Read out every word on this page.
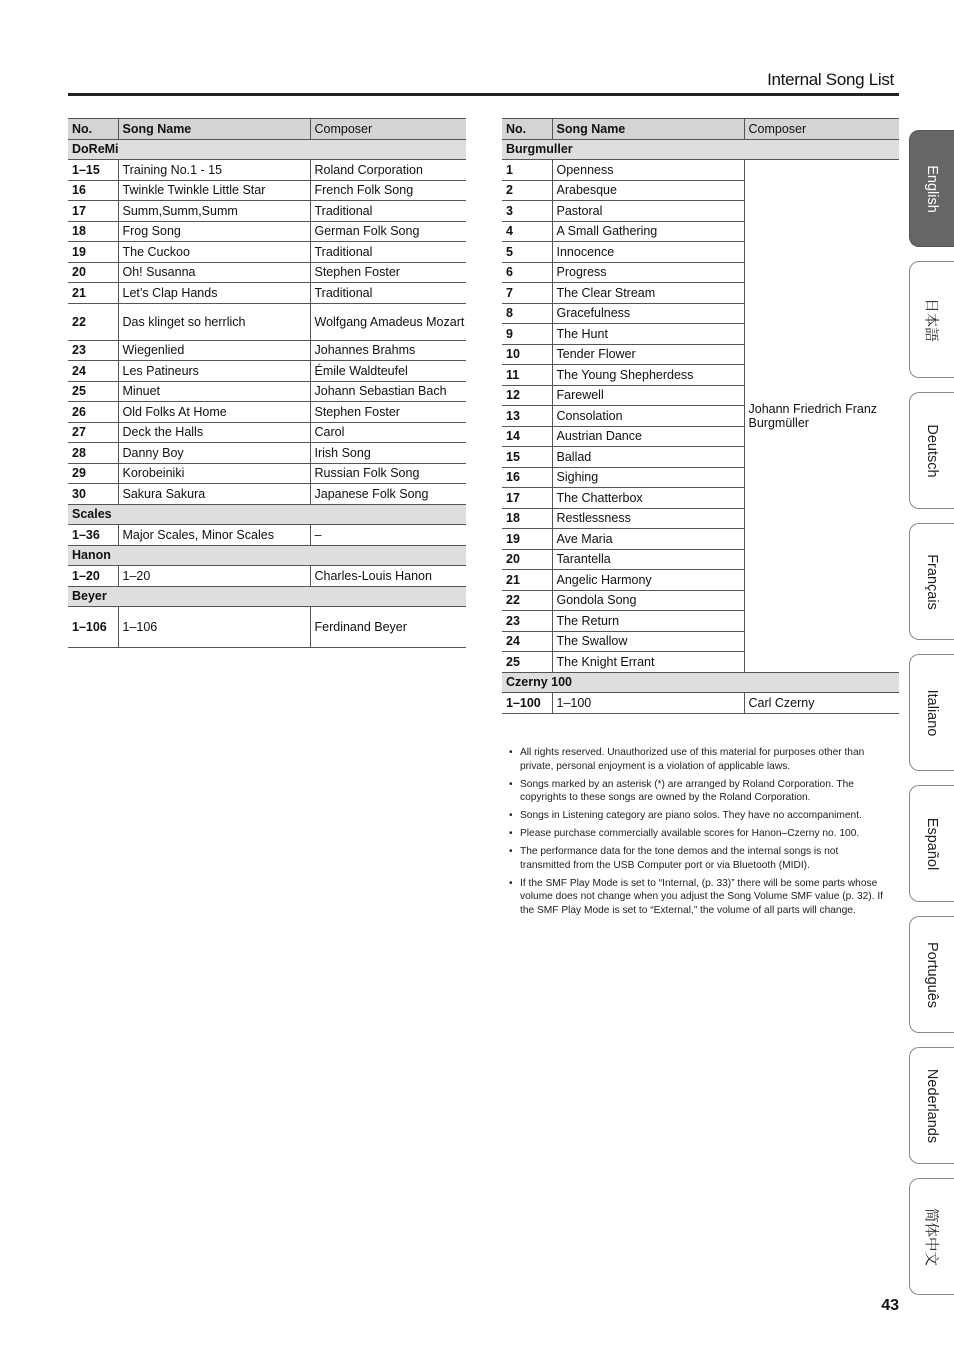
Internal Song List
No.	Song Name	Composer
DoReMi		
1–15	Training No.1 - 15	Roland Corporation
16	Twinkle Twinkle Little Star	French Folk Song
17	Summ,Summ,Summ	Traditional
18	Frog Song	German Folk Song
19	The Cuckoo	Traditional
20	Oh! Susanna	Stephen Foster
21	Let’s Clap Hands	Traditional
22	Das klinget so herrlich	Wolfgang Amadeus Mozart
23	Wiegenlied	Johannes Brahms
24	Les Patineurs	Émile Waldteufel
25	Minuet	Johann Sebastian Bach
26	Old Folks At Home	Stephen Foster
27	Deck the Halls	Carol
28	Danny Boy	Irish Song
29	Korobeiniki	Russian Folk Song
30	Sakura Sakura	Japanese Folk Song
Scales		
1–36	Major Scales, Minor Scales	–
Hanon		
1–20	1–20	Charles-Louis Hanon
Beyer		
1–106	1–106	Ferdinand Beyer
No.	Song Name	Composer
Burgmuller		
1	Openness	Johann Friedrich Franz Burgmüller
2	Arabesque	
3	Pastoral	
4	A Small Gathering	
5	Innocence	
6	Progress	
7	The Clear Stream	
8	Gracefulness	
9	The Hunt	
10	Tender Flower	
11	The Young Shepherdess	
12	Farewell	
13	Consolation	
14	Austrian Dance	
15	Ballad	
16	Sighing	
17	The Chatterbox	
18	Restlessness	
19	Ave Maria	
20	Tarantella	
21	Angelic Harmony	
22	Gondola Song	
23	The Return	
24	The Swallow	
25	The Knight Errant	
Czerny 100		
1–100	1–100	Carl Czerny
• All rights reserved. Unauthorized use of this material for purposes other than private, personal enjoyment is a violation of applicable laws.
• Songs marked by an asterisk (*) are arranged by Roland Corporation. The copyrights to these songs are owned by the Roland Corporation.
• Songs in Listening category are piano solos. They have no accompaniment.
• Please purchase commercially available scores for Hanon–Czerny no. 100.
• The performance data for the tone demos and the internal songs is not transmitted from the USB Computer port or via Bluetooth (MIDI).
• If the SMF Play Mode is set to “Internal, (p. 33)” there will be some parts whose volume does not change when you adjust the Song Volume SMF value (p. 32). If the SMF Play Mode is set to “External,” the volume of all parts will change.
English
日本語
Deutsch
Français
Italiano
Español
Português
Nederlands
简体中文
43
